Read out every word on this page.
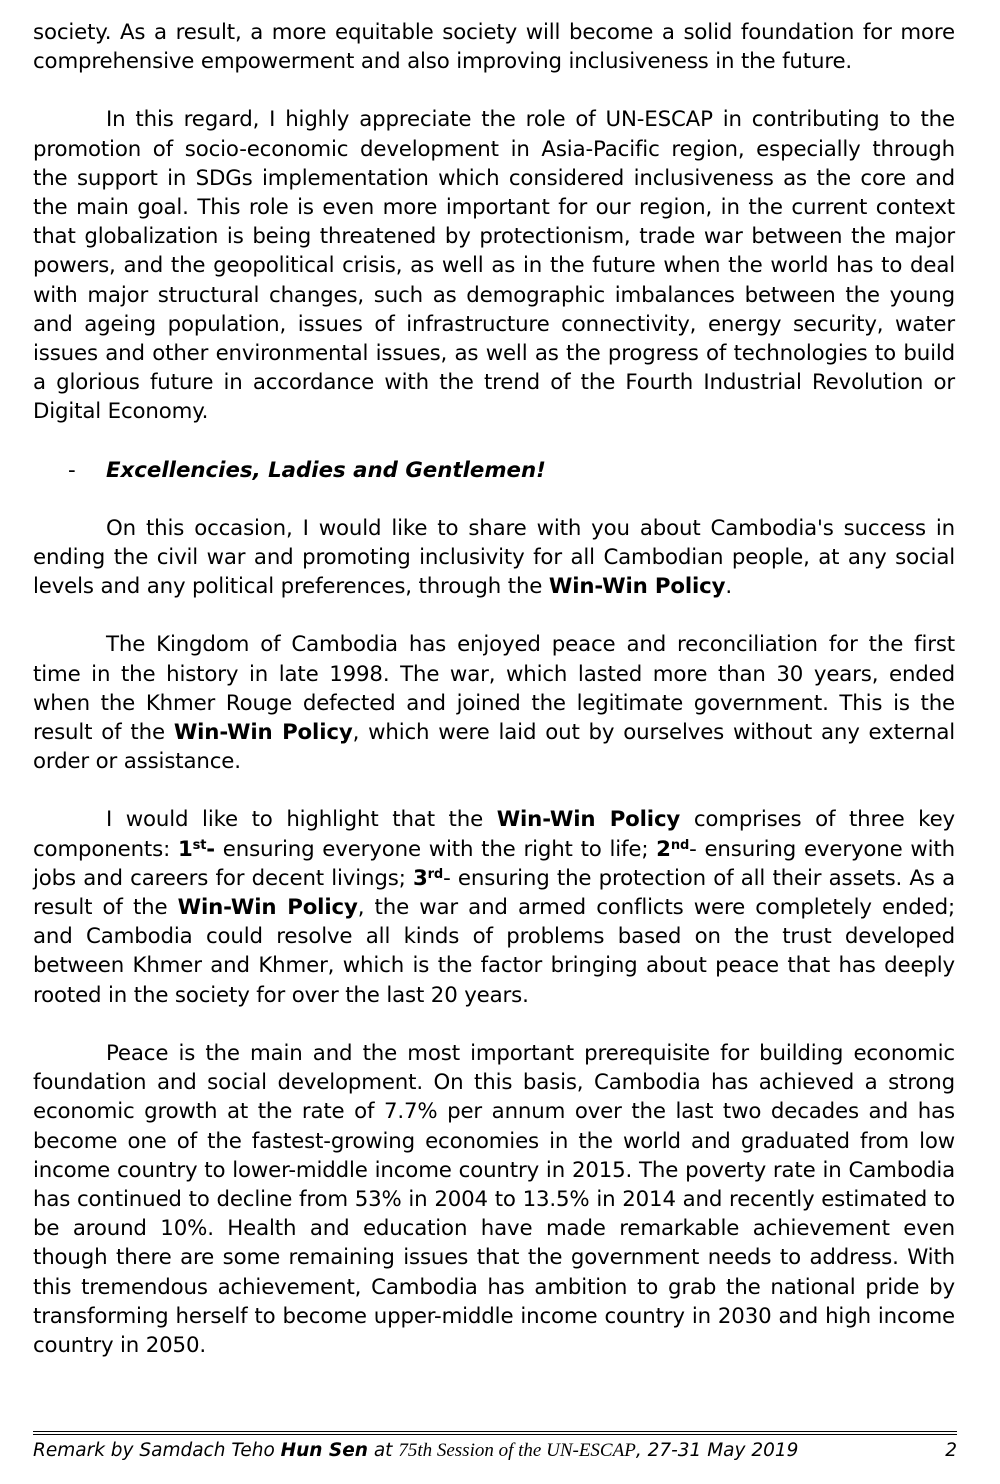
society. As a result, a more equitable society will become a solid foundation for more comprehensive empowerment and also improving inclusiveness in the future.

In this regard, I highly appreciate the role of UN-ESCAP in contributing to the promotion of socio-economic development in Asia-Pacific region, especially through the support in SDGs implementation which considered inclusiveness as the core and the main goal. This role is even more important for our region, in the current context that globalization is being threatened by protectionism, trade war between the major powers, and the geopolitical crisis, as well as in the future when the world has to deal with major structural changes, such as demographic imbalances between the young and ageing population, issues of infrastructure connectivity, energy security, water issues and other environmental issues, as well as the progress of technologies to build a glorious future in accordance with the trend of the Fourth Industrial Revolution or Digital Economy.

- Excellencies, Ladies and Gentlemen!

On this occasion, I would like to share with you about Cambodia's success in ending the civil war and promoting inclusivity for all Cambodian people, at any social levels and any political preferences, through the Win-Win Policy.

The Kingdom of Cambodia has enjoyed peace and reconciliation for the first time in the history in late 1998. The war, which lasted more than 30 years, ended when the Khmer Rouge defected and joined the legitimate government. This is the result of the Win-Win Policy, which were laid out by ourselves without any external order or assistance.

I would like to highlight that the Win-Win Policy comprises of three key components: 1st- ensuring everyone with the right to life; 2nd- ensuring everyone with jobs and careers for decent livings; 3rd- ensuring the protection of all their assets. As a result of the Win-Win Policy, the war and armed conflicts were completely ended; and Cambodia could resolve all kinds of problems based on the trust developed between Khmer and Khmer, which is the factor bringing about peace that has deeply rooted in the society for over the last 20 years.

Peace is the main and the most important prerequisite for building economic foundation and social development. On this basis, Cambodia has achieved a strong economic growth at the rate of 7.7% per annum over the last two decades and has become one of the fastest-growing economies in the world and graduated from low income country to lower-middle income country in 2015. The poverty rate in Cambodia has continued to decline from 53% in 2004 to 13.5% in 2014 and recently estimated to be around 10%. Health and education have made remarkable achievement even though there are some remaining issues that the government needs to address. With this tremendous achievement, Cambodia has ambition to grab the national pride by transforming herself to become upper-middle income country in 2030 and high income country in 2050.

Remark by Samdach Teho Hun Sen at 75th Session of the UN-ESCAP, 27-31 May 2019	2
